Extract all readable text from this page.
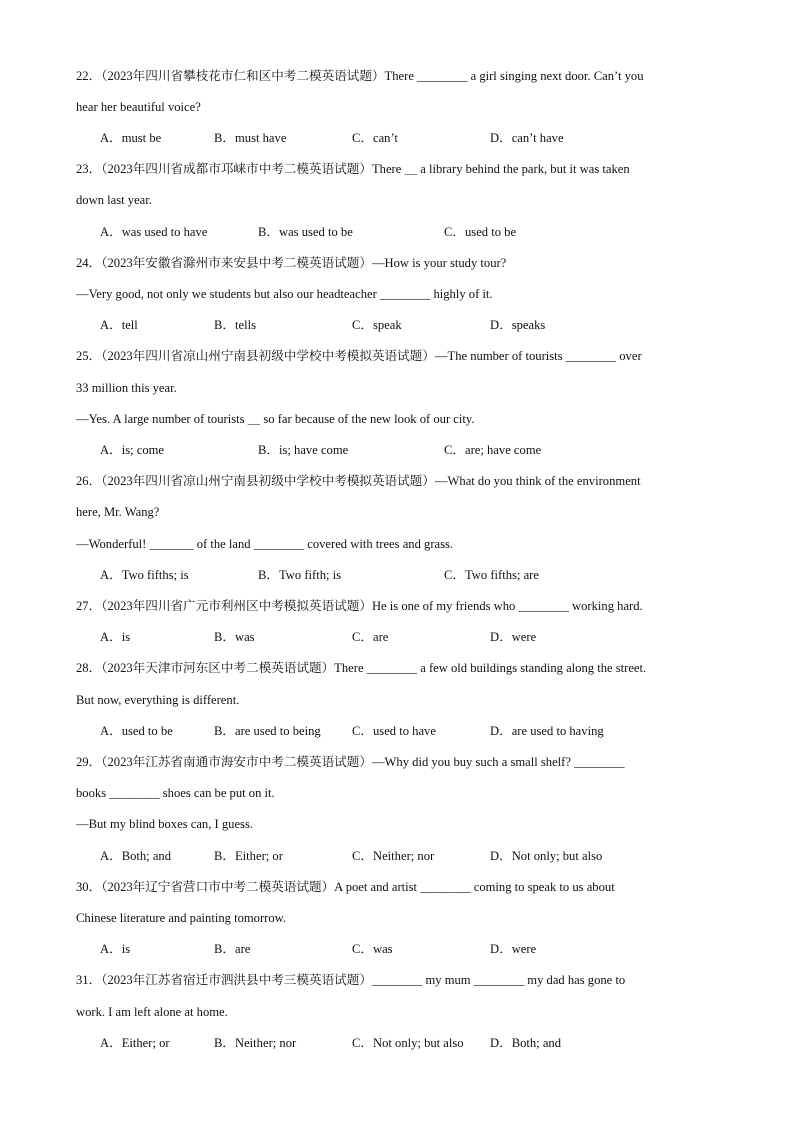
22．（2023年四川省攀枝花市仁和区中考二模英语试题）There ________ a girl singing next door. Can’t you
hear her beautiful voice?
A．must be	B．must have	C．can’t	D．can’t have
23．（2023年四川省成都市邛崃市中考二模英语试题）There ＿ a library behind the park, but it was taken
down last year.
A．was used to have	B．was used to be	C．used to be
24．（2023年安徽省滁州市来安县中考二模英语试题）—How is your study tour?
—Very good, not only we students but also our headteacher ________ highly of it.
A．tell	B．tells	C．speak	D．speaks
25．（2023年四川省凉山州宁南县初级中学校中考模拟英语试题）—The number of tourists ________ over
33 million this year.
—Yes. A large number of tourists ＿ so far because of the new look of our city.
A．is; come	B．is; have come	C．are; have come
26．（2023年四川省凉山州宁南县初级中学校中考模拟英语试题）—What do you think of the environment
here, Mr. Wang?
—Wonderful! _______ of the land ________ covered with trees and grass.
A．Two fifths; is	B．Two fifth; is	C．Two fifths; are
27．（2023年四川省广元市利州区中考模拟英语试题）He is one of my friends who ________ working hard.
A．is	B．was	C．are	D．were
28．（2023年天津市河东区中考二模英语试题）There ________ a few old buildings standing along the street.
But now, everything is different.
A．used to be	B．are used to being C．used to have	D．are used to having
29．（2023年江苏省南通市海安市中考二模英语试题）—Why did you buy such a small shelf? ________
books ________ shoes can be put on it.
—But my blind boxes can, I guess.
A．Both; and	B．Either; or	C．Neither; nor	D．Not only; but also
30．（2023年辽宁省营口市中考二模英语试题）A poet and artist ________ coming to speak to us about
Chinese literature and painting tomorrow.
A．is	B．are	C．was	D．were
31．（2023年江苏省宿迁市泗洪县中考三模英语试题）________ my mum ________ my dad has gone to
work. I am left alone at home.
A．Either; or	B．Neither; nor	C．Not only; but also D．Both; and
